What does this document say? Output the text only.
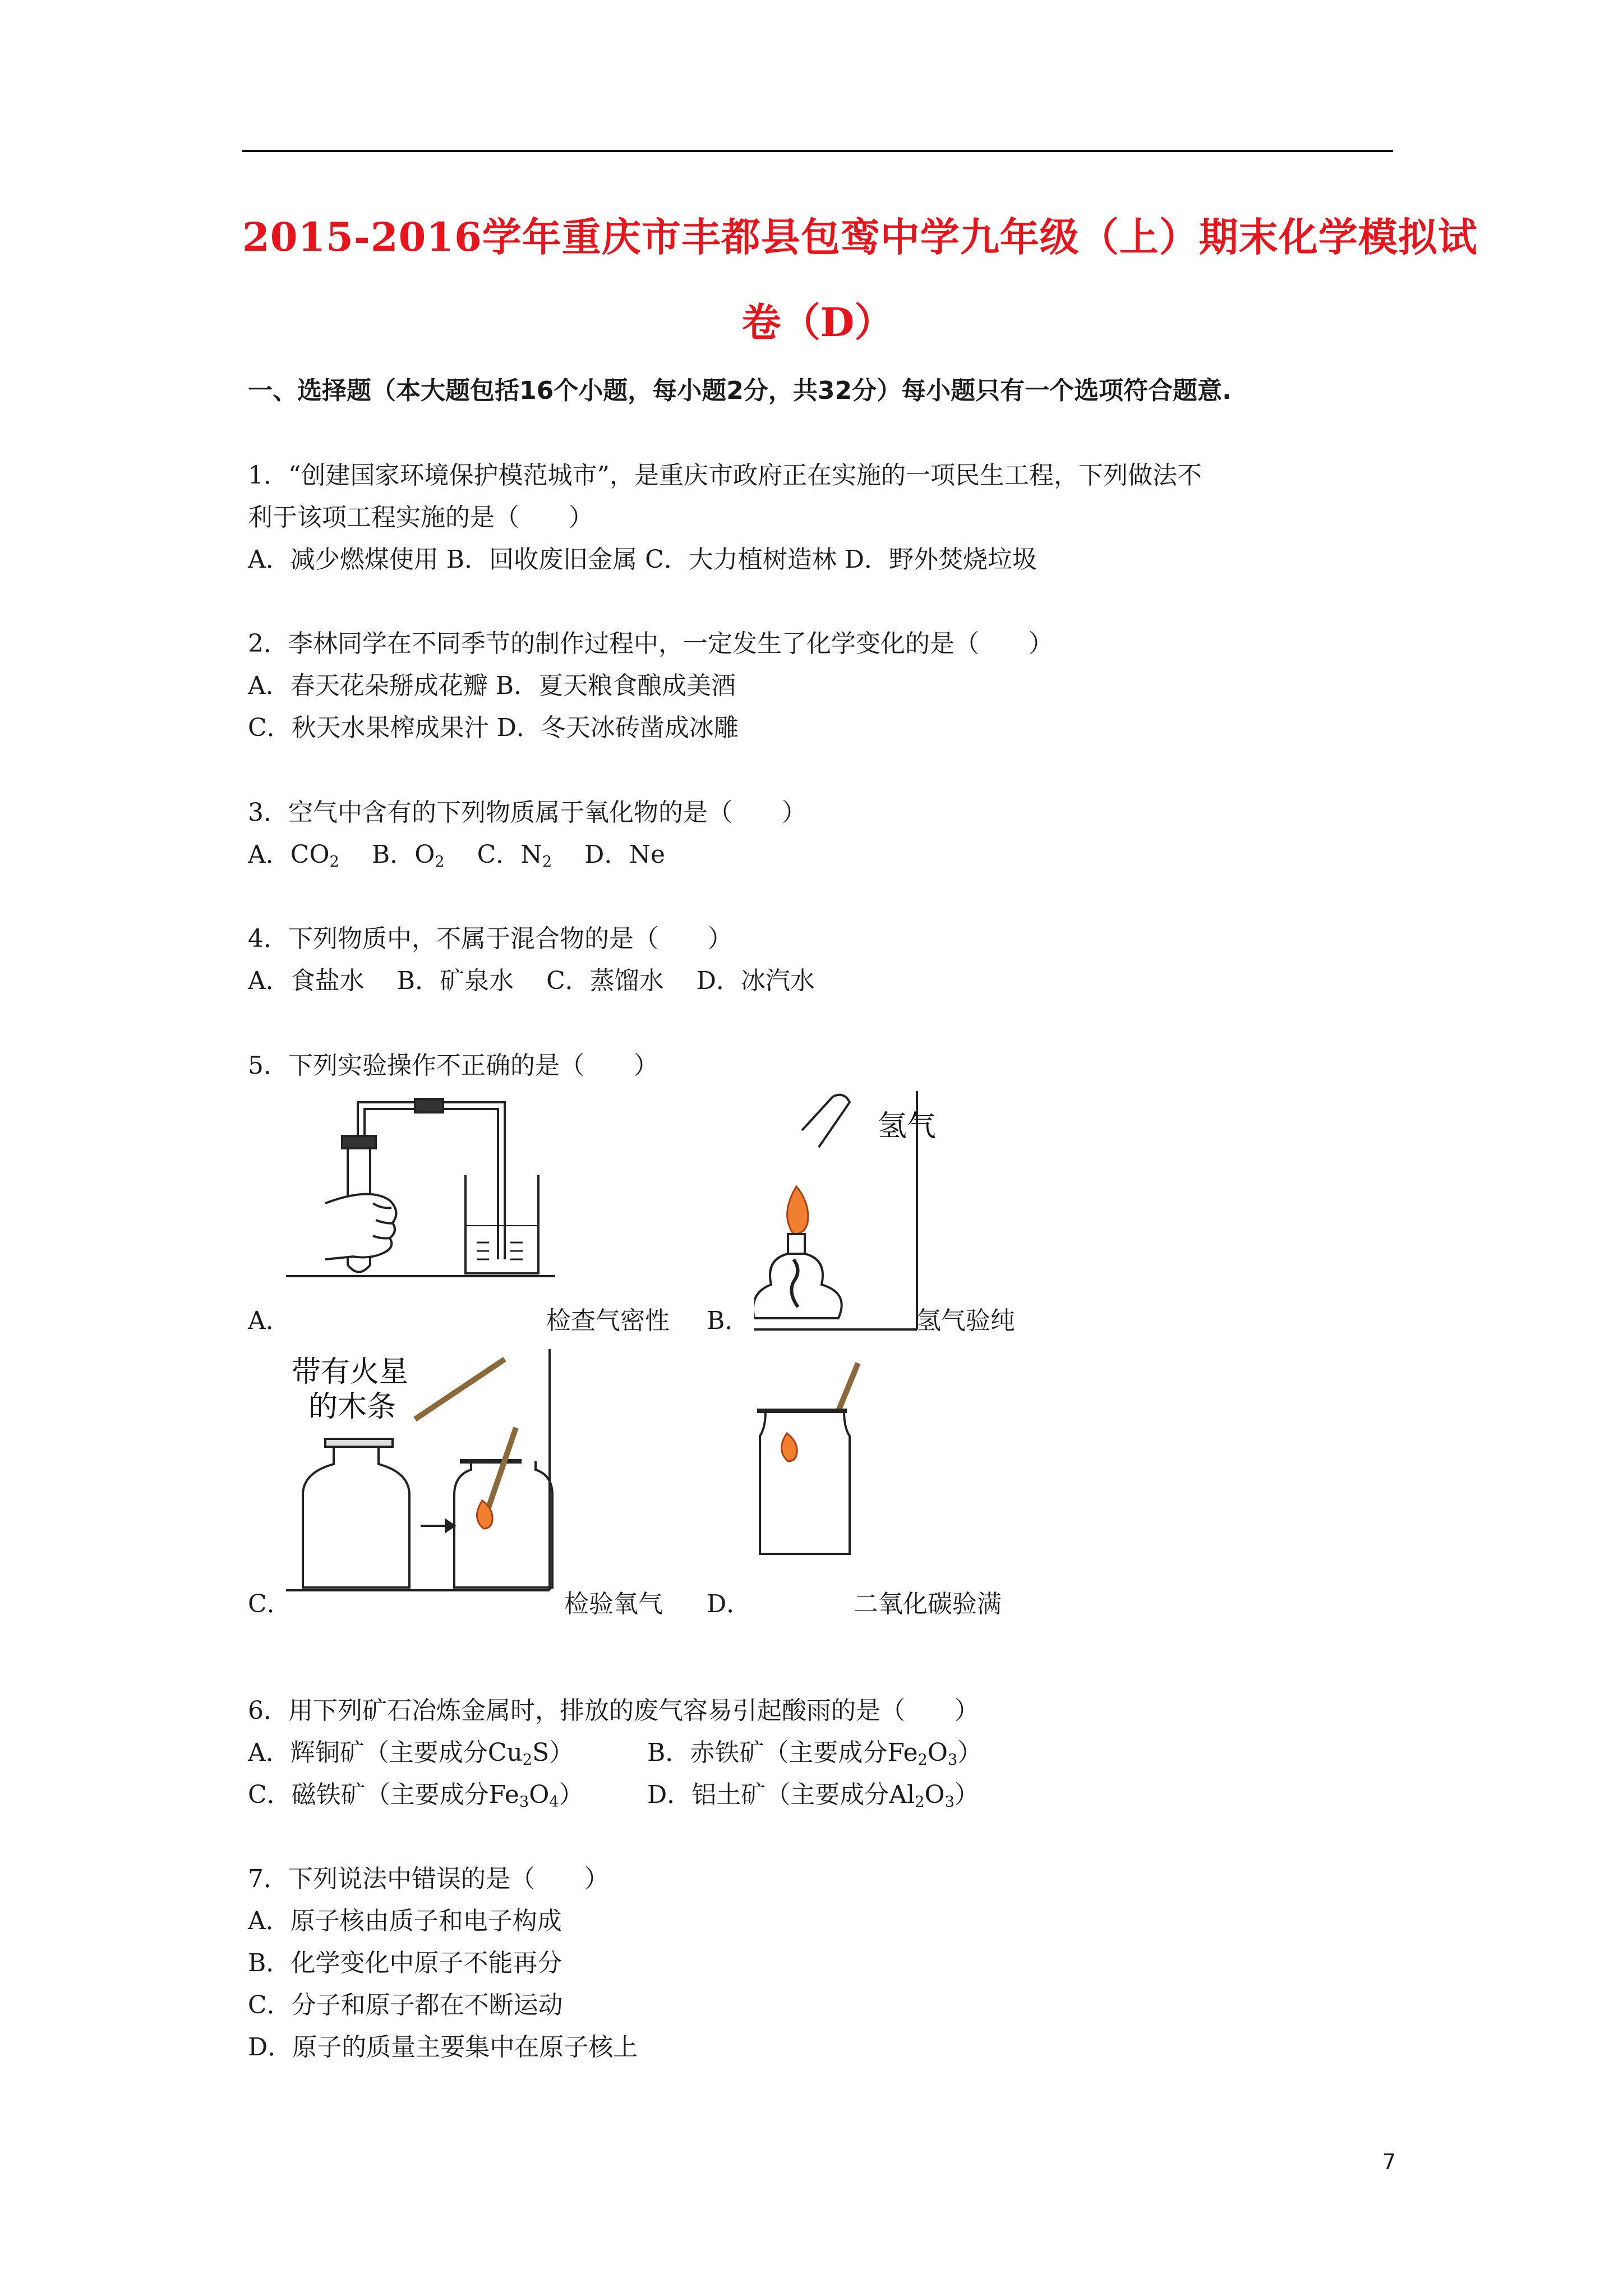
2015-2016学年重庆市丰都县包鸾中学九年级（上）期末化学模拟试
卷（D）
一、选择题（本大题包括16个小题，每小题2分，共32分）每小题只有一个选项符合题意.
1．“创建国家环境保护模范城市”，是重庆市政府正在实施的一项民生工程，下列做法不
利于该项工程实施的是（　　）
A．减少燃煤使用 B．回收废旧金属 C．大力植树造林 D．野外焚烧垃圾
2．李林同学在不同季节的制作过程中，一定发生了化学变化的是（　　）
A．春天花朵掰成花瓣 B．夏天粮食酿成美酒
C．秋天水果榨成果汁 D．冬天冰砖凿成冰雕
3．空气中含有的下列物质属于氧化物的是（　　）
A．$CO_2$　 B．$O_2$　 C．$N_2$　 D．Ne
4．下列物质中，不属于混合物的是（　　）
A．食盐水　 B．矿泉水　 C．蒸馏水　 D．冰汽水
5．下列实验操作不正确的是（　　）
A．	检查气密性 B．
氢气
氢气验纯
带有火星
的木条
C．	检验氧气 D．	二氧化碳验满
6．用下列矿石冶炼金属时，排放的废气容易引起酸雨的是（　　）
A．辉铜矿（主要成分$Cu_2S$）	B．赤铁矿（主要成分$Fe_2O_3$）
C．磁铁矿（主要成分$Fe_3O_4$）	D．铝土矿（主要成分$Al_2O_3$）
7．下列说法中错误的是（　　）
A．原子核由质子和电子构成
B．化学变化中原子不能再分
C．分子和原子都在不断运动
D．原子的质量主要集中在原子核上
7
